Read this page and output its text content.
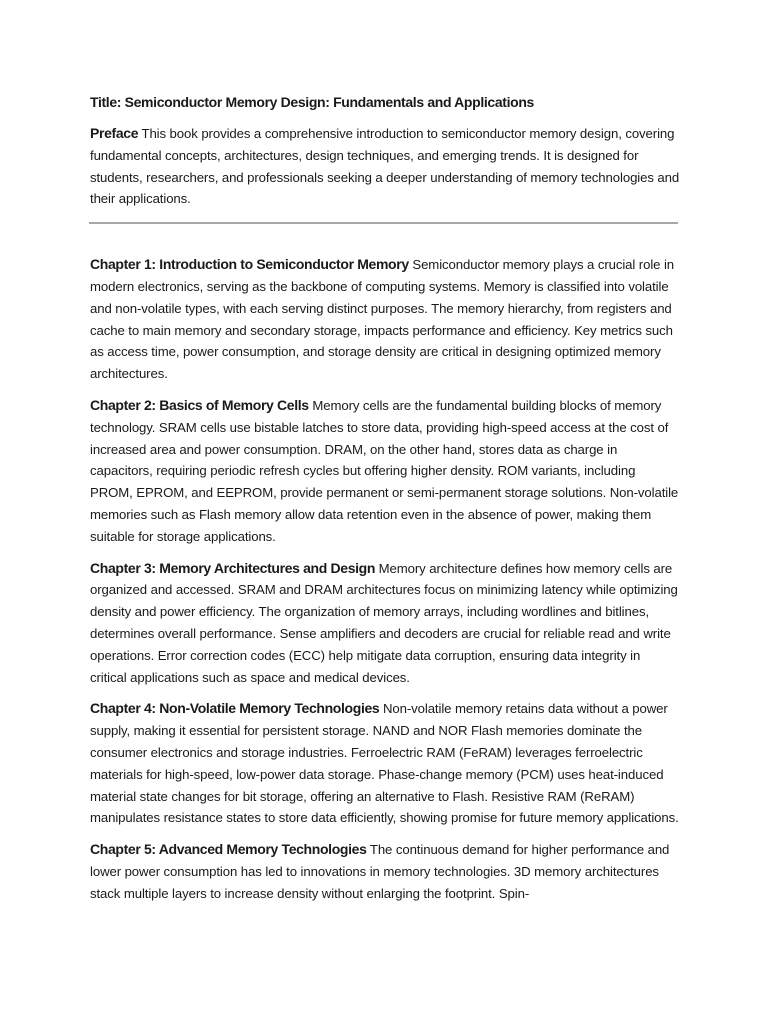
Title: Semiconductor Memory Design: Fundamentals and Applications

Preface This book provides a comprehensive introduction to semiconductor memory design, covering fundamental concepts, architectures, design techniques, and emerging trends. It is designed for students, researchers, and professionals seeking a deeper understanding of memory technologies and their applications.

Chapter 1: Introduction to Semiconductor Memory Semiconductor memory plays a crucial role in modern electronics, serving as the backbone of computing systems. Memory is classified into volatile and non-volatile types, with each serving distinct purposes. The memory hierarchy, from registers and cache to main memory and secondary storage, impacts performance and efficiency. Key metrics such as access time, power consumption, and storage density are critical in designing optimized memory architectures.

Chapter 2: Basics of Memory Cells Memory cells are the fundamental building blocks of memory technology. SRAM cells use bistable latches to store data, providing high-speed access at the cost of increased area and power consumption. DRAM, on the other hand, stores data as charge in capacitors, requiring periodic refresh cycles but offering higher density. ROM variants, including PROM, EPROM, and EEPROM, provide permanent or semi-permanent storage solutions. Non-volatile memories such as Flash memory allow data retention even in the absence of power, making them suitable for storage applications.

Chapter 3: Memory Architectures and Design Memory architecture defines how memory cells are organized and accessed. SRAM and DRAM architectures focus on minimizing latency while optimizing density and power efficiency. The organization of memory arrays, including wordlines and bitlines, determines overall performance. Sense amplifiers and decoders are crucial for reliable read and write operations. Error correction codes (ECC) help mitigate data corruption, ensuring data integrity in critical applications such as space and medical devices.

Chapter 4: Non-Volatile Memory Technologies Non-volatile memory retains data without a power supply, making it essential for persistent storage. NAND and NOR Flash memories dominate the consumer electronics and storage industries. Ferroelectric RAM (FeRAM) leverages ferroelectric materials for high-speed, low-power data storage. Phase-change memory (PCM) uses heat-induced material state changes for bit storage, offering an alternative to Flash. Resistive RAM (ReRAM) manipulates resistance states to store data efficiently, showing promise for future memory applications.

Chapter 5: Advanced Memory Technologies The continuous demand for higher performance and lower power consumption has led to innovations in memory technologies. 3D memory architectures stack multiple layers to increase density without enlarging the footprint. Spin-
